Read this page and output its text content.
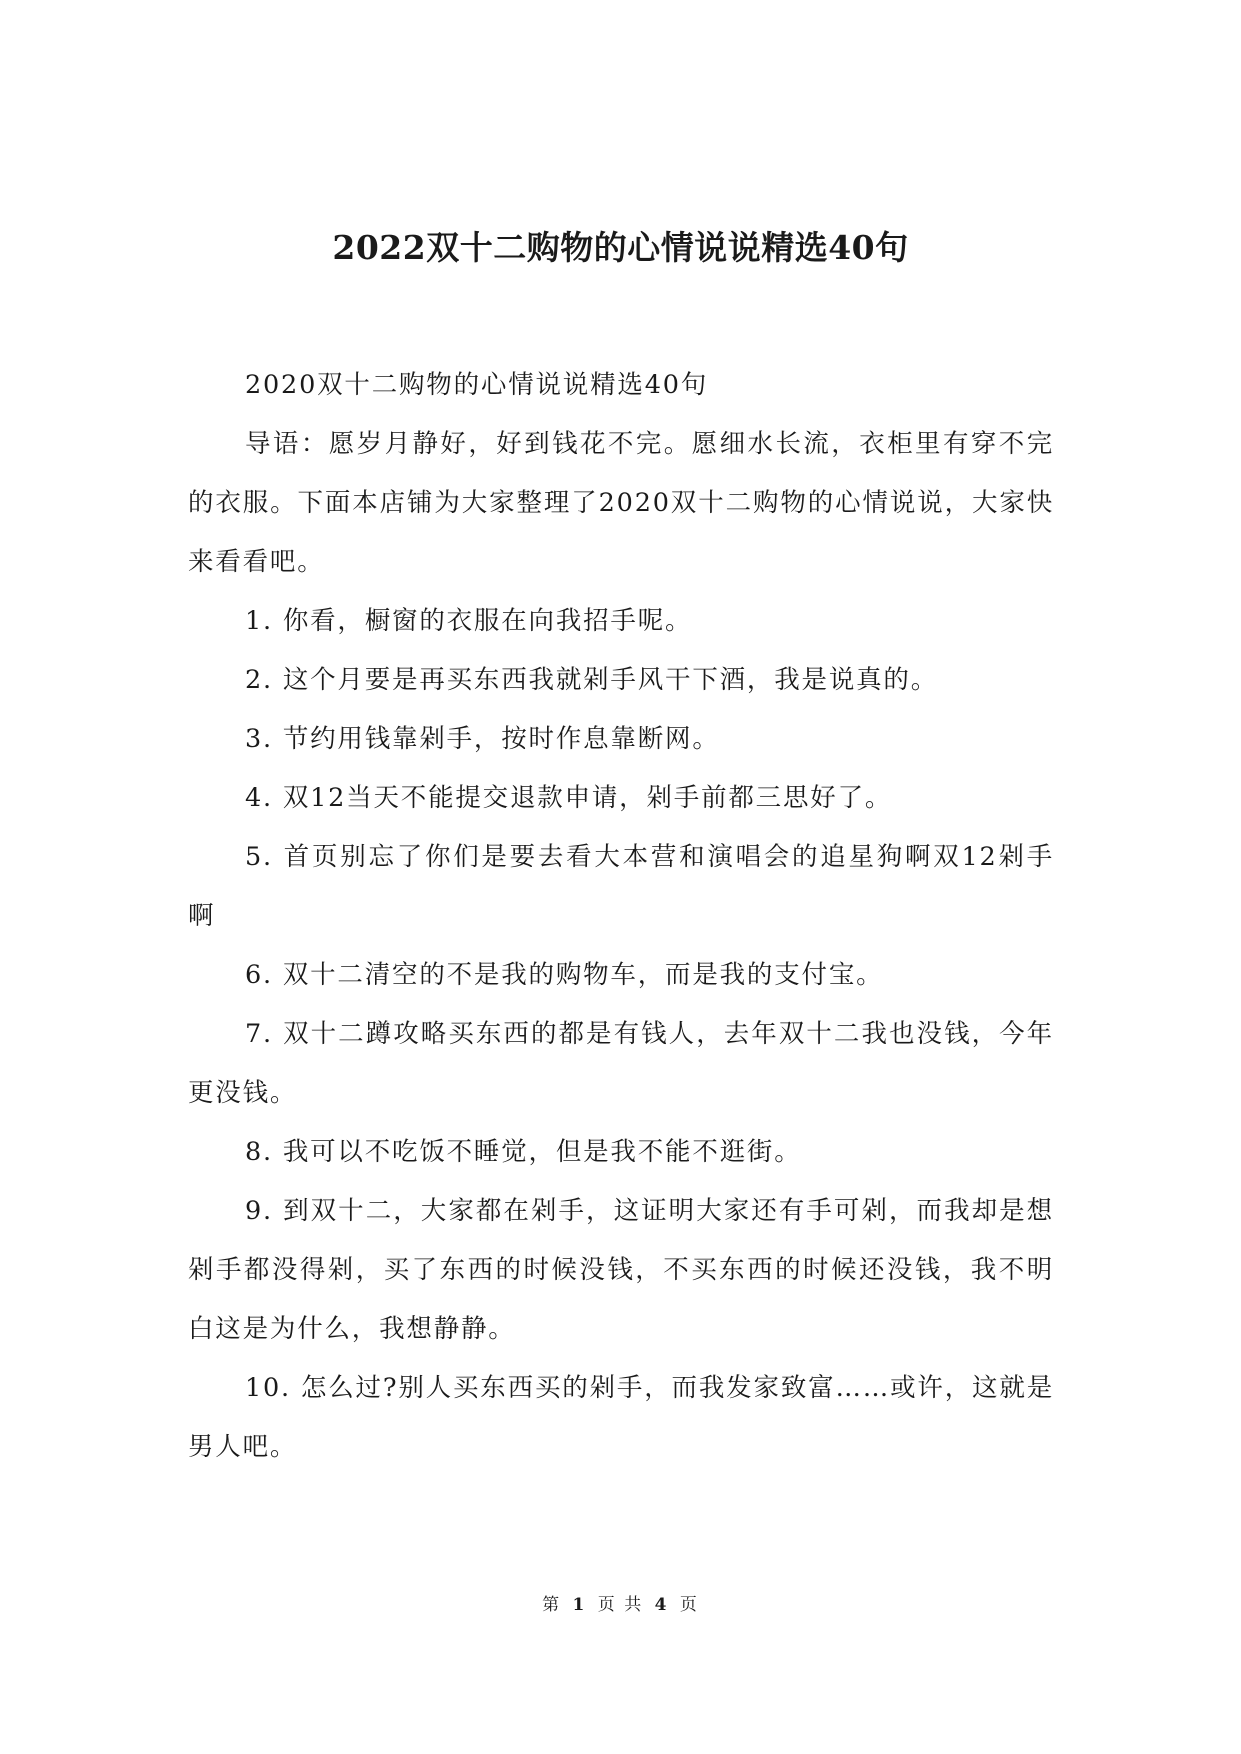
2022双十二购物的心情说说精选40句

2020双十二购物的心情说说精选40句

导语：愿岁月静好，好到钱花不完。愿细水长流，衣柜里有穿不完的衣服。下面本店铺为大家整理了2020双十二购物的心情说说，大家快来看看吧。

1. 你看，橱窗的衣服在向我招手呢。

2. 这个月要是再买东西我就剁手风干下酒，我是说真的。

3. 节约用钱靠剁手，按时作息靠断网。

4. 双12当天不能提交退款申请，剁手前都三思好了。

5. 首页别忘了你们是要去看大本营和演唱会的追星狗啊双12剁手啊

6. 双十二清空的不是我的购物车，而是我的支付宝。

7. 双十二蹲攻略买东西的都是有钱人，去年双十二我也没钱，今年更没钱。

8. 我可以不吃饭不睡觉，但是我不能不逛街。

9. 到双十二，大家都在剁手，这证明大家还有手可剁，而我却是想剁手都没得剁，买了东西的时候没钱，不买东西的时候还没钱，我不明白这是为什么，我想静静。

10. 怎么过?别人买东西买的剁手，而我发家致富……或许，这就是男人吧。

第 1 页 共 4 页
